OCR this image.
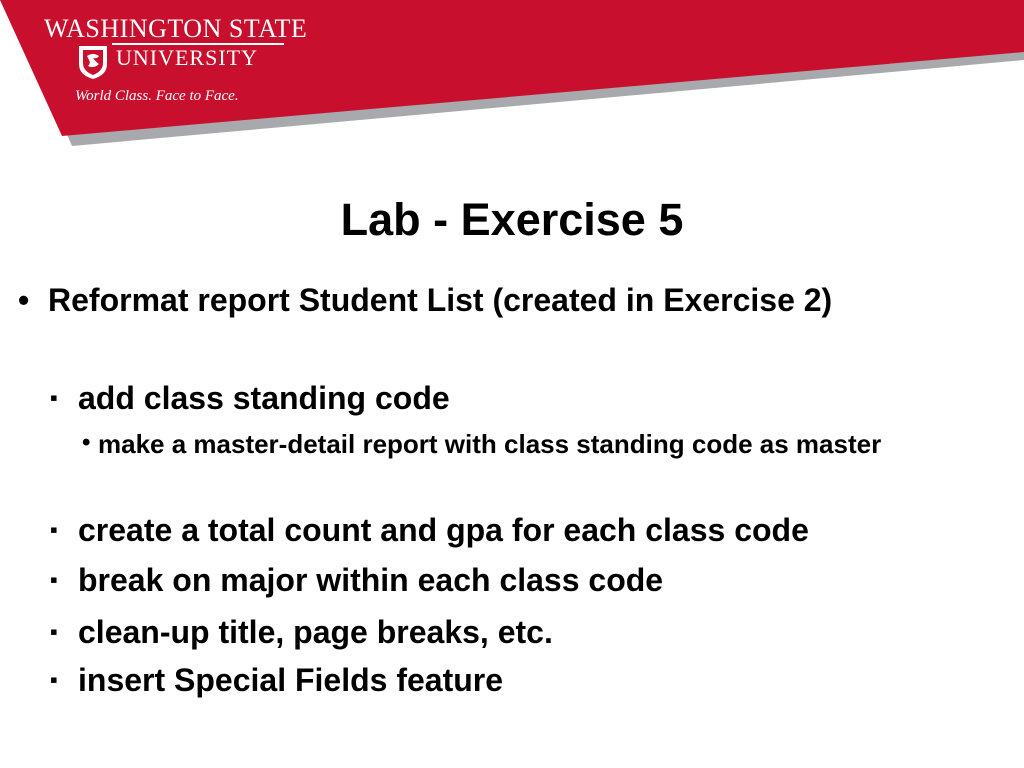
WASHINGTON STATE
UNIVERSITY
World Class. Face to Face.
Lab - Exercise 5
• Reformat report Student List (created in Exercise 2)
▪ add class standing code
• make a master-detail report with class standing code as master
▪ create a total count and gpa for each class code
▪ break on major within each class code
▪ clean-up title, page breaks, etc.
▪ insert Special Fields feature
